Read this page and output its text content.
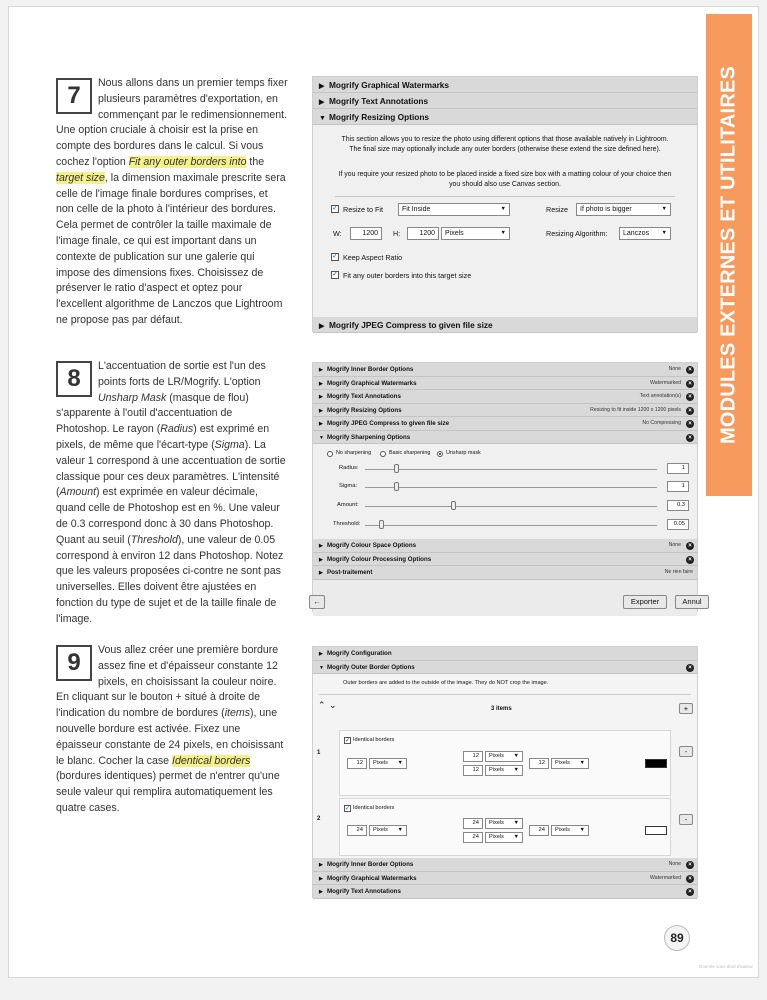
MODULES EXTERNES ET UTILITAIRES
7	Nous allons dans un premier temps fixer plusieurs paramètres d'exportation, en commençant par le redimensionnement. Une option cruciale à choisir est la prise en compte des bordures dans le calcul. Si vous cochez l'option Fit any outer borders into the target size, la dimension maximale prescrite sera celle de l'image finale bordures comprises, et non celle de la photo à l'intérieur des bordures. Cela permet de contrôler la taille maximale de l'image finale, ce qui est important dans un contexte de publication sur une galerie qui impose des dimensions fixes. Choisissez de préserver le ratio d'aspect et optez pour l'excellent algorithme de Lanczos que Lightroom ne propose pas par défaut.
8	L'accentuation de sortie est l'un des points forts de LR/Mogrify. L'option Unsharp Mask (masque de flou) s'apparente à l'outil d'accentuation de Photoshop. Le rayon (Radius) est exprimé en pixels, de même que l'écart-type (Sigma). La valeur 1 correspond à une accentuation de sortie classique pour ces deux paramètres. L'intensité (Amount) est exprimée en valeur décimale, quand celle de Photoshop est en %. Une valeur de 0.3 correspond donc à 30 dans Photoshop. Quant au seuil (Threshold), une valeur de 0.05 correspond à environ 12 dans Photoshop. Notez que les valeurs proposées ci-contre ne sont pas universelles. Elles doivent être ajustées en fonction du type de sujet et de la taille finale de l'image.
9	Vous allez créer une première bordure assez fine et d'épaisseur constante 12 pixels, en choisissant la couleur noire. En cliquant sur le bouton + situé à droite de l'indication du nombre de bordures (items), une nouvelle bordure est activée. Fixez une épaisseur constante de 24 pixels, en choisissant le blanc. Cocher la case Identical borders (bordures identiques) permet de n'entrer qu'une seule valeur qui remplira automatiquement les quatre cases.
▶ Mogrify Graphical Watermarks
▶ Mogrify Text Annotations
▼ Mogrify Resizing Options
This section allows you to resize the photo using different options that those available natively in Lightroom. The final size may optionally include any outer borders (otherwise these extend the size defined here).
If you require your resized photo to be placed inside a fixed size box with a matting colour of your choice then you should also use Canvas section.
✓ Resize to Fit	Fit Inside ▼	Resize	If photo is bigger ▼
W:	1200	H:	1200	Pixels ▼	Resizing Algorithm:	Lanczos ▼
✓ Keep Aspect Ratio
✓ Fit any outer borders into this target size
▶ Mogrify JPEG Compress to given file size
▶ Mogrify Inner Border Options	None	×
▶ Mogrify Graphical Watermarks	Watermarked	×
▶ Mogrify Text Annotations	Text annotation(s)	×
▶ Mogrify Resizing Options	Resizing to fit inside 1200 x 1200 pixels	×
▶ Mogrify JPEG Compress to given file size	No Compressing	×
▼ Mogrify Sharpening Options	×
No sharpening	Basic sharpening	Unsharp mask
Radius:	1
Sigma:	1
Amount:	0.3
Threshold:	0.05
▶ Mogrify Colour Space Options	None	×
▶ Mogrify Colour Processing Options	×
▶ Post-traitement	Ne rien faire
←	Exporter	Annul
▶ Mogrify Configuration
▼ Mogrify Outer Border Options	×
Outer borders are added to the outside of the image. They do NOT crop the image.
⌃ ⌄	3 items	+
1
✓ Identical borders
12	Pixels ▼
12	Pixels ▼
12	Pixels ▼
12	Pixels ▼
-
2
✓ Identical borders
24	Pixels ▼
24	Pixels ▼
24	Pixels ▼
24	Pixels ▼
-
▶ Mogrify Inner Border Options	None	×
▶ Mogrify Graphical Watermarks	Watermarked	×
▶ Mogrify Text Annotations	×
89
Donnée sous droit d'auteur
